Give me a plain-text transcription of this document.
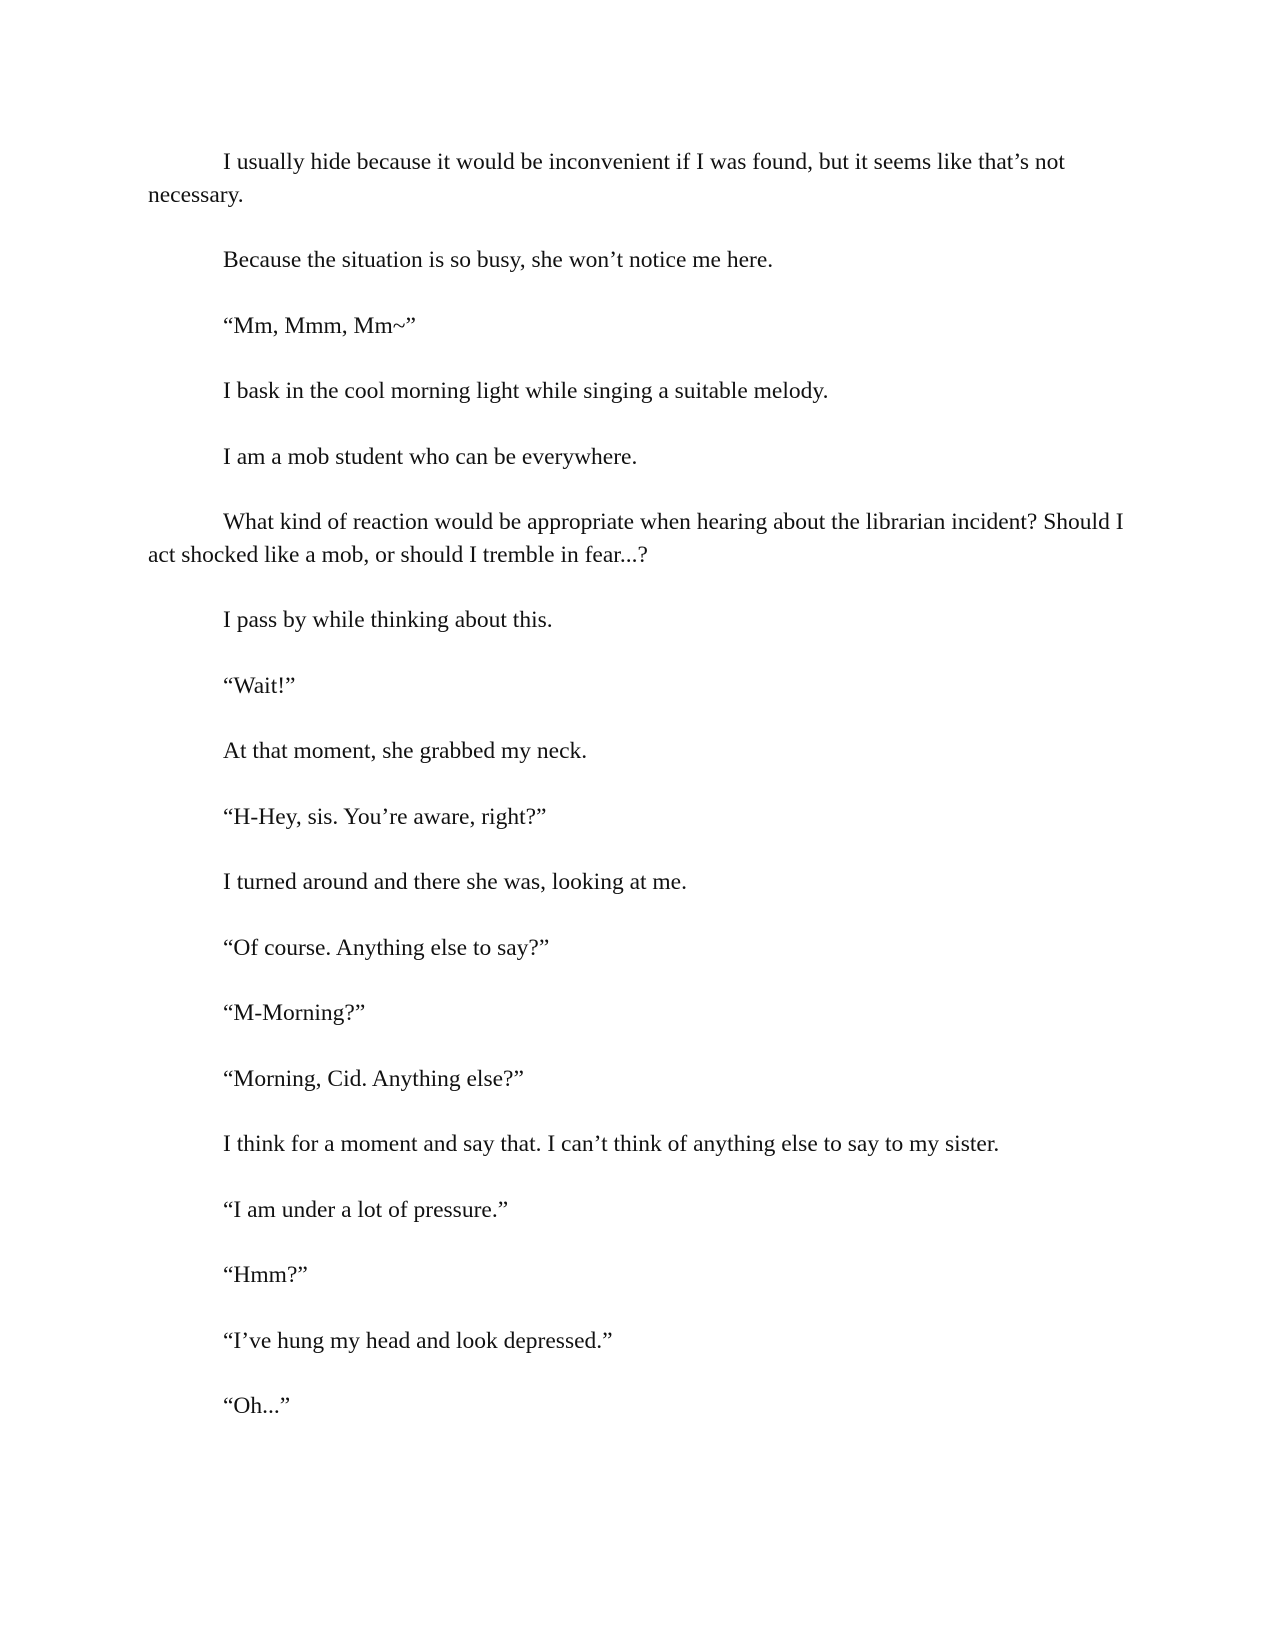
I usually hide because it would be inconvenient if I was found, but it seems like that’s not necessary.

Because the situation is so busy, she won’t notice me here.

“Mm, Mmm, Mm~”

I bask in the cool morning light while singing a suitable melody.

I am a mob student who can be everywhere.

What kind of reaction would be appropriate when hearing about the librarian incident? Should I act shocked like a mob, or should I tremble in fear...?

I pass by while thinking about this.

“Wait!”

At that moment, she grabbed my neck.

“H-Hey, sis. You’re aware, right?”

I turned around and there she was, looking at me.

“Of course. Anything else to say?”

“M-Morning?”

“Morning, Cid. Anything else?”

I think for a moment and say that. I can’t think of anything else to say to my sister.

“I am under a lot of pressure.”

“Hmm?”

“I’ve hung my head and look depressed.”

“Oh...”
